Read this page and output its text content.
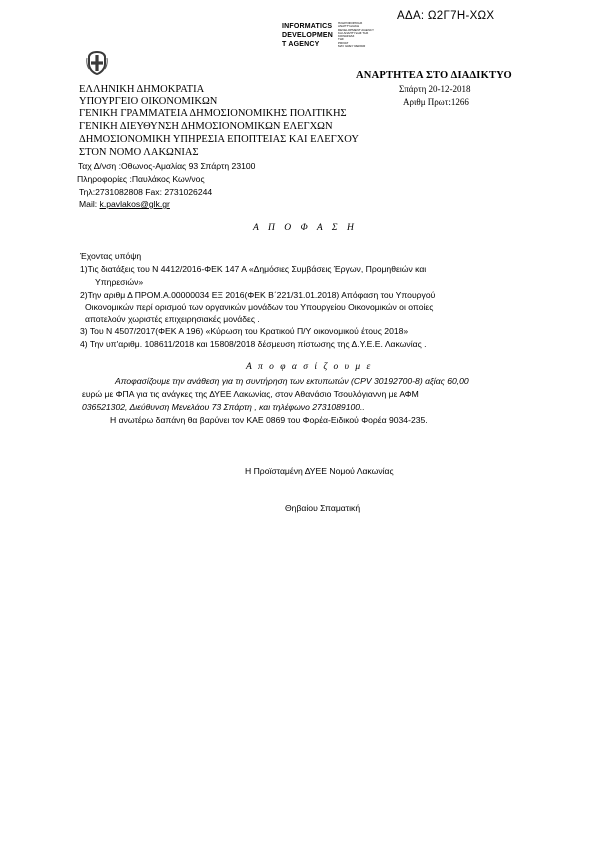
ΑΔΑ: Ω2Γ7Η-ΧΩΧ
INFORMATICS
DEVELOPMEN
T AGENCY
ΠΛΗΡΟΦΟΡΙΚΗΣ
ΑΝΑΠΤΥΞΙΑΚΗ
DEVELOPMENT AGENCY
ΚΑΙ ΑΝΑΠΤΥΞΗΣ ΤΗΣ
ΚΟΙΝΩΝΙΑΣ
ΤΗΣ
PRIVAT
MAY GREY REPAIR
ΕΛΛΗΝΙΚΗ ΔΗΜΟΚΡΑΤΙΑ
ΥΠΟΥΡΓΕΙΟ ΟΙΚΟΝΟΜΙΚΩΝ
ΓΕΝΙΚΗ ΓΡΑΜΜΑΤΕΙΑ ΔΗΜΟΣΙΟΝΟΜΙΚΗΣ ΠΟΛΙΤΙΚΗΣ
ΓΕΝΙΚΗ ΔΙΕΥΘΥΝΣΗ ΔΗΜΟΣΙΟΝΟΜΙΚΩΝ ΕΛΕΓΧΩΝ
ΔΗΜΟΣΙΟΝΟΜΙΚΗ ΥΠΗΡΕΣΙΑ ΕΠΟΠΤΕΙΑΣ ΚΑΙ ΕΛΕΓΧΟΥ
ΣΤΟΝ ΝΟΜΟ ΛΑΚΩΝΙΑΣ
ΑΝΑΡΤΗΤΕΑ ΣΤΟ ΔΙΑΔΙΚΤΥΟ
Σπάρτη 20-12-2018
Αριθμ Πρωτ:1266
Ταχ Δ/νση :Οθωνος-Αμαλίας 93 Σπάρτη 23100
Πληροφορίες :Παυλάκος Κων/νος
Τηλ:2731082808 Fax: 2731026244
Mail: k.pavlakos@glk.gr
Α Π Ο Φ Α Σ Η
Έχοντας υπόψη
1)Τις διατάξεις του Ν 4412/2016-ΦΕΚ 147 Α «Δημόσιες Συμβάσεις Έργων, Προμηθειών και
Υπηρεσιών»
2)Την αριθμ Δ ΠΡΟΜ.Α.00000034 ΕΞ 2016(ΦΕΚ Β΄221/31.01.2018) Απόφαση του Υπουργού
Οικονομικών περί ορισμού των οργανικών μονάδων του Υπουργείου Οικονομικών οι οποίες
αποτελούν χωριστές επιχειρησιακές μονάδες .
3) Του Ν 4507/2017(ΦΕΚ Α 196) «Κύρωση του Κρατικού Π/Υ οικονομικού έτους 2018»
4) Την υπ'αριθμ. 108611/2018 και 15808/2018 δέσμευση πίστωσης της Δ.Υ.Ε.Ε. Λακωνίας .
Α π ο φ α σ ί ζ ο υ μ ε
Αποφασίζουμε την ανάθεση για τη συντήρηση των εκτυπωτών (CPV 30192700-8) αξίας 60,00
ευρώ με ΦΠΑ για τις ανάγκες της ΔΥΕΕ Λακωνίας, στον Αθανάσιο Τσουλόγιαννη με ΑΦΜ
036521302, Διεύθυνση Μενελάου 73 Σπάρτη , και τηλέφωνο 2731089100..
Η ανωτέρω δαπάνη θα βαρύνει τον ΚΑΕ 0869 του Φορέα-Ειδικού Φορέα 9034-235.
Η Προϊσταμένη ΔΥΕΕ Νομού Λακωνίας
Θηβαίου Σπαματική
